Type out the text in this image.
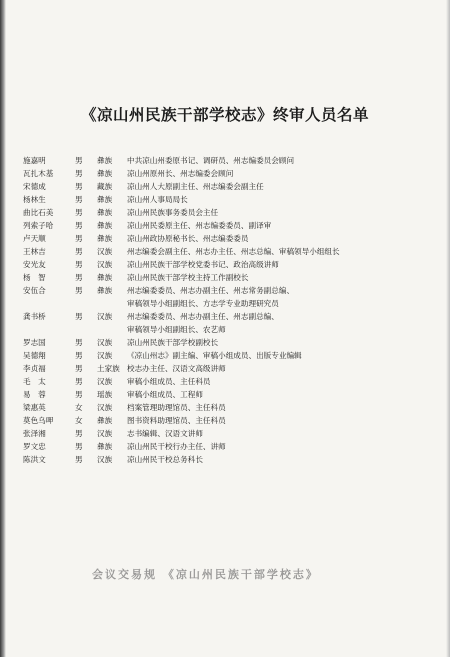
《凉山州民族干部学校志》终审人员名单
施嘉明	男	彝族	中共凉山州委原书记、调研员、州志编委员会顾问
瓦扎木基	男	彝族	凉山州原州长、州志编委会顾问
宋德成	男	藏族	凉山州人大原副主任、州志编委会副主任
杨林生	男	彝族	凉山州人事局局长
曲比石美	男	彝族	凉山州民族事务委员会主任
列索子哈	男	彝族	凉山州民委原主任、州志编委委员、副译审
卢天顺	男	彝族	凉山州政协原秘书长、州志编委委员
王林吉	男	汉族	州志编委会副主任、州志办主任、州志总编、审稿领导小组组长
安光友	男	汉族	凉山州民族干部学校党委书记、政治高级讲师
杨　智	男	彝族	凉山州民族干部学校主持工作副校长
安伍合	男	彝族	州志编委委员、州志办副主任、州志常务副总编、
审稿领导小组副组长、方志学专业助理研究员
龚书桥	男	汉族	州志编委委员、州志办副主任、州志副总编、
审稿领导小组副组长、农艺师
罗志国	男	汉族	凉山州民族干部学校副校长
吴德翔	男	汉族	《凉山州志》副主编、审稿小组成员、出版专业编辑
李贞福	男	土家族 校志办主任、汉语文高级讲师
毛　太	男	汉族	审稿小组成员、主任科员
易　蓉	男	瑶族	审稿小组成员、工程师
梁惠英	女	汉族	档案管理助理馆员、主任科员
莫色乌呷	女	彝族	图书资料助理馆员、主任科员
张泽湘	男	汉族	志书编辑、汉语文讲师
罗文忠	男	彝族	凉山州民干校行办主任、讲师
陈洪文	男	汉族	凉山州民干校总务科长
会议交易规 《凉山州民族干部学校志》
